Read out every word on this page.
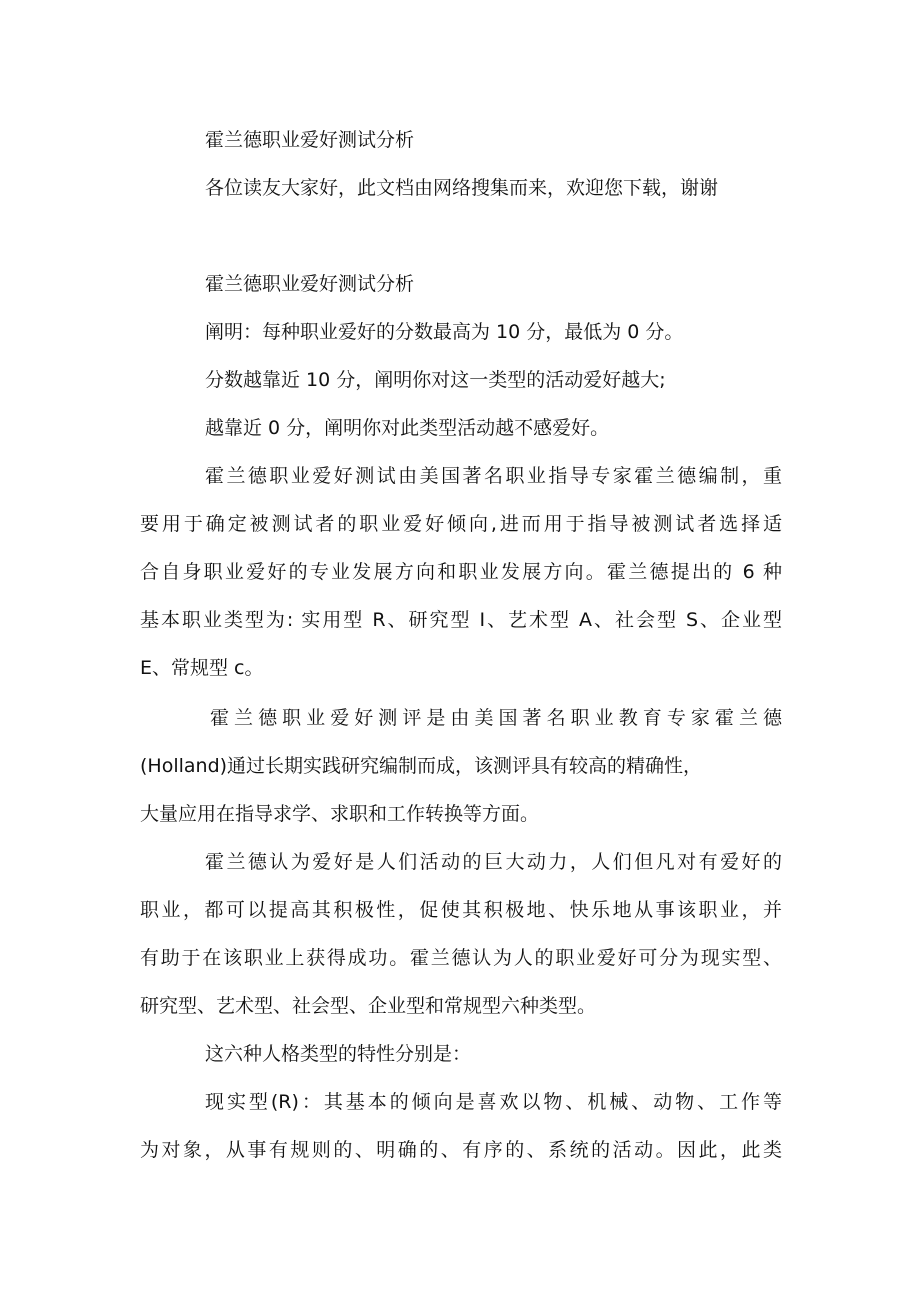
霍兰德职业爱好测试分析
各位读友大家好，此文档由网络搜集而来，欢迎您下载，谢谢
霍兰德职业爱好测试分析
阐明：每种职业爱好的分数最高为 10 分，最低为 0 分。
分数越靠近 10 分，阐明你对这一类型的活动爱好越大;
越靠近 0 分，阐明你对此类型活动越不感爱好。
霍兰德职业爱好测试由美国著名职业指导专家霍兰德编制，重
要用于确定被测试者的职业爱好倾向,进而用于指导被测试者选择适
合自身职业爱好的专业发展方向和职业发展方向。霍兰德提出的 6 种
基本职业类型为: 实用型 R、研究型 I、艺术型 A、社会型 S、企业型
E、常规型 c。
霍兰德职业爱好测评是由美国著名职业教育专家霍兰德
(Holland)通过长期实践研究编制而成，该测评具有较高的精确性，
大量应用在指导求学、求职和工作转换等方面。
霍兰德认为爱好是人们活动的巨大动力，人们但凡对有爱好的
职业，都可以提高其积极性，促使其积极地、快乐地从事该职业，并
有助于在该职业上获得成功。霍兰德认为人的职业爱好可分为现实型、
研究型、艺术型、社会型、企业型和常规型六种类型。
这六种人格类型的特性分别是：
现实型(R)：其基本的倾向是喜欢以物、机械、动物、工作等
为对象，从事有规则的、明确的、有序的、系统的活动。因此，此类
